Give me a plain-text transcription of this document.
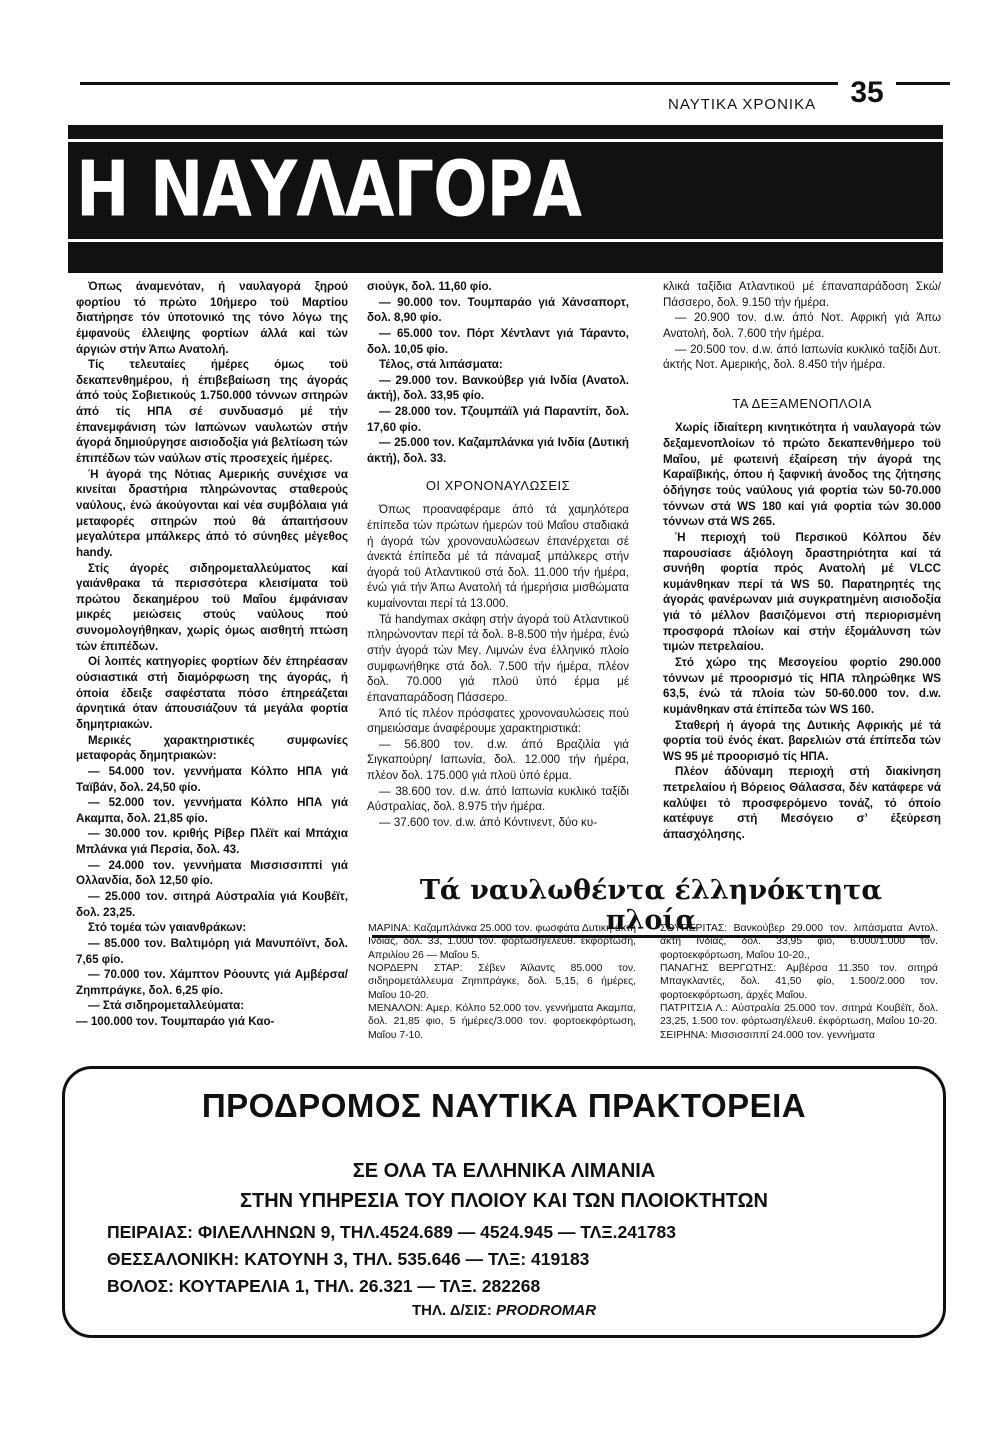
ΝΑΥΤΙΚΑ ΧΡΟΝΙΚΑ	35
Η ΝΑΥΛΑΓΟΡΑ

Όπως άναμενόταν, ή ναυλαγορά ξηρού φορτίου τό πρώτο 10ήμερο τοϋ Μαρτίου διατήρησε τόν ύποτονικό της τόνο λόγω της έμφανοϋς έλλειψης φορτίων άλλά καί τών άργιών στήν Άπω Ανατολή.

Τίς τελευταίες ήμέρες όμως τοϋ δεκαπενθημέρου, ή έπιβεβαίωση της άγοράς άπό τούς Σοβιετικούς 1.750.000 τόννων σιτηρών άπό τίς ΗΠΑ σέ συνδυασμό μέ τήν έπανεμφάνιση τών Ιαπώνων ναυλωτών στήν άγορά δημιούργησε αισιοδοξία γιά βελτίωση τών έπιπέδων τών ναύλων στίς προσεχείς ήμέρες.

Ή άγορά της Νότιας Αμερικής συνέχισε να κινείται δραστήρια πληρώνοντας σταθερούς ναύλους, ένώ άκούγονται καί νέα συμβόλαια γιά μεταφορές σιτηρών πού θά άπαιτήσουν μεγαλύτερα μπάλκερς άπό τό σύνηθες μέγεθος handy.

Στίς άγορές σιδηρομεταλλεύματος καί γαιάνθρακα τά περισσότερα κλεισίματα τοϋ πρώτου δεκαημέρου τοϋ Μαΐου έμφάνισαν μικρές μειώσεις στούς ναύλους πού συνομολογήθηκαν, χωρίς όμως αισθητή πτώση τών έπιπέδων.

Οί λοιπές κατηγορίες φορτίων δέν έπηρέασαν ούσιαστικά στή διαμόρφωση της άγοράς, ή όποία έδειξε σαφέστατα πόσο έπηρεάζεται άρνητικά όταν άπουσιάζουν τά μεγάλα φορτία δημητριακών.

Μερικές χαρακτηριστικές συμφωνίες μεταφοράς δημητριακών:

— 54.000 τον. γεννήματα Κόλπο ΗΠΑ γιά Ταϊβάν, δολ. 24,50 φίο.

— 52.000 τον. γεννήματα Κόλπο ΗΠΑ γιά Ακαμπα, δολ. 21,85 φίο.

— 30.000 τον. κριθής Ρίβερ Πλέϊτ καί Μπάχια Μπλάνκα γιά Περσία, δολ. 43.

— 24.000 τον. γεννήματα Μισσισσιππί γιά Ολλανδία, δολ 12,50 φίο.

— 25.000 τον. σιτηρά Αύστραλία γιά Κουβέϊτ, δολ. 23,25.

Στό τομέα τών γαιανθράκων:

— 85.000 τον. Βαλτιμόρη γιά Μανυπόϊντ, δολ. 7,65 φίο.

— 70.000 τον. Χάμπτον Ρόουντς γιά Αμβέρσα/ Ζηmπράγκε, δολ. 6,25 φίο.

— Στά σιδηρομεταλλεύματα:

— 100.000 τον. Τουμπαράο γιά Καο-

σιούγκ, δολ. 11,60 φίο.

— 90.000 τον. Τουμπαράο γιά Χάνσαπορτ, δολ. 8,90 φίο.

— 65.000 τον. Πόρτ Χέντλαντ γιά Τάραντο, δολ. 10,05 φίο.

Τέλος, στά λιπάσματα:

— 29.000 τον. Βανκούβερ γιά Ινδία (Ανατολ. άκτή), δολ. 33,95 φίο.

— 28.000 τον. Τζουμπάϊλ γιά Παραντίπ, δολ. 17,60 φίο.

— 25.000 τον. Καζαμπλάνκα γιά Ινδία (Δυτική άκτή), δολ. 33.

ΟΙ ΧΡΟΝΟΝΑΥΛΩΣΕΙΣ

Όπως προαναφέραμε άπό τά χαμηλότερα έπίπεδα τών πρώτων ήμερών τοϋ Μαΐου σταδιακά ή άγορά τών χρονοναυλώσεων έπανέρχεται σέ άνεκτά έπίπεδα μέ τά πάναμαξ μπάλκερς στήν άγορά τοϋ Ατλαντικοϋ στά δολ. 11.000 τήν ήμέρα, ένώ γιά τήν Άπω Ανατολή τά ήμερήσια μισθώματα κυμαίνονται περί τά 13.000.

Τά handymax σκάφη στήν άγορά τοϋ Ατλαντικοϋ πληρώνονταν περί τά δολ. 8-8.500 τήν ήμέρα, ένώ στήν άγορά τών Μεγ. Λιμνών ένα έλληνικό πλοίο συμφωνήθηκε στά δολ. 7.500 τήν ήμέρα, πλέον δολ. 70.000 γιά πλοϋ ύπό έρμα μέ έπαναπαράδοση Πάσσερο.

Άπό τίς πλέον πρόσφατες χρονοναυλώσεις πού σημειώσαμε άναφέρουμε χαρακτηριστικά:

— 56.800 τον. d.w. άπό Βραζιλία γιά Σιγκαπούρη/ Ιαπωνία, δολ. 12.000 τήν ήμέρα, πλέον δολ. 175.000 γιά πλοϋ ύπό έρμα.

— 38.600 τον. d.w. άπό Ιαπωνία κυκλικό ταξίδι Αύστραλίας, δολ. 8.975 τήν ήμέρα.

— 37.600 τον. d.w. άπό Κόντινεντ, δύο κυ-

κλικά ταξίδια Ατλαντικοϋ μέ έπαναπαράδοση Σκώ/Πάσσερο, δολ. 9.150 τήν ήμέρα.

— 20.900 τον. d.w. άπό Νοτ. Αφρική γιά Άπω Ανατολή, δολ. 7.600 τήν ήμέρα.

— 20.500 τον. d.w. άπό Ιαπωνία κυκλικό ταξίδι Δυτ. άκτής Νοτ. Αμερικής, δολ. 8.450 τήν ήμέρα.

ΤΑ ΔΕΞΑΜΕΝΟΠΛΟΙΑ

Χωρίς ίδιαίτερη κινητικότητα ή ναυλαγορά τών δεξαμενοπλοίων τό πρώτο δεκαπενθήμερο τοϋ Μαΐου, μέ φωτεινή έξαίρεση τήν άγορά της Καραϊβικής, όπου ή ξαφνική άνοδος της ζήτησης όδήγησε τούς ναύλους γιά φορτία τών 50-70.000 τόννων στά WS 180 καί γιά φορτία τών 30.000 τόννων στά WS 265.

Ή περιοχή τοϋ Περσικοϋ Κόλπου δέν παρουσίασε άξιόλογη δραστηριότητα καί τά συνήθη φορτία πρός Ανατολή μέ VLCC κυμάνθηκαν περί τά WS 50. Παρατηρητές της άγοράς φανέρωναν μιά συγκρατημένη αισιοδοξία γιά τό μέλλον βασιζόμενοι στή περιορισμένη προσφορά πλοίων καί στήν έξομάλυνση τών τιμών πετρελαίου.

Στό χώρο της Μεσογείου φορτίο 290.000 τόννων μέ προορισμό τίς ΗΠΑ πληρώθηκε WS 63,5, ένώ τά πλοία τών 50-60.000 τον. d.w. κυμάνθηκαν στά έπίπεδα τών WS 160.

Σταθερή ή άγορά της Δυτικής Αφρικής μέ τά φορτία τοϋ ένός έκατ. βαρελιών στά έπίπεδα τών WS 95 μέ προορισμό τίς ΗΠΑ.

Πλέον άδύναμη περιοχή στή διακίνηση πετρελαίου ή Βόρειος Θάλασσα, δέν κατάφερε νά καλύψει τό προσφερόμενο τονάζ, τό όποίο κατέφυγε στή Μεσόγειο σ’ έξεύρεση άπασχόλησης.

Τά ναυλωθέντα έλληνόκτητα πλοία

ΜΑΡΙΝΑ: Καζαμπλάνκα 25.000 τον. φωσφάτα Δυτική άκτή Ινδίας, δολ. 33, 1.000 τον. φόρτωση/έλευθ. έκφόρτωση, Απριλίου 26 — Μαΐου 5.

ΝΟΡΔΕΡΝ ΣΤΑΡ: Σέβεν Άϊλαντς 85.000 τον. σιδηρομετάλλευμα Ζηmπράγκε, δολ. 5,15, 6 ήμέρες, Μαΐου 10-20.

ΜΕΝΑΛΟΝ: Αμερ. Κόλπο 52.000 τον. γεννήματα Ακαμπα, δολ. 21,85 φιο, 5 ήμέρες/3.000 τον. φορτοεκφόρτωση, Μαΐου 7-10.

ΣΟΥΠΕΡΙΤΑΣ: Βανκούβερ 29.000 τον. λιπάσματα Αντολ. άκτή Ινδίας, δολ. 33,95 φίο, 6.000/1.000 τον. φορτοεκφόρτωση, Μαΐου 10-20.,

ΠΑΝΑΓΗΣ ΒΕΡΓΩΤΗΣ: Αμβέρσα 11.350 τον. σιτηρά Μπαγκλαντές, δολ. 41,50 φίο, 1.500/2.000 τον. φορτοεκφόρτωση, άρχές Μαΐου.

ΠΑΤΡΙΤΣΙΑ Λ.: Αύστραλία 25.000 τον. σιτηρά Κουβέϊτ, δολ. 23,25, 1.500 τον. φόρτωση/έλευθ. έκφόρτωση, Μαΐου 10-20.

ΣΕΙΡΗΝΑ: Μισσισσιππί 24.000 τον. γεννήματα

ΠΡΟΔΡΟΜΟΣ ΝΑΥΤΙΚΑ ΠΡΑΚΤΟΡΕΙΑ
ΣΕ ΟΛΑ ΤΑ ΕΛΛΗΝΙΚΑ ΛΙΜΑΝΙΑ
ΣΤΗΝ ΥΠΗΡΕΣΙΑ ΤΟΥ ΠΛΟΙΟΥ ΚΑΙ ΤΩΝ ΠΛΟΙΟΚΤΗΤΩΝ
ΠΕΙΡΑΙΑΣ: ΦΙΛΕΛΛΗΝΩΝ 9, ΤΗΛ.4524.689 — 4524.945 — ΤΛΞ.241783
ΘΕΣΣΑΛΟΝΙΚΗ: ΚΑΤΟΥΝΗ 3, ΤΗΛ. 535.646 — ΤΛΞ: 419183
ΒΟΛΟΣ: ΚΟΥΤΑΡΕΛΙΑ 1, ΤΗΛ. 26.321 — ΤΛΞ. 282268
ΤΗΛ. Δ/ΣΙΣ: PRODROMAR
